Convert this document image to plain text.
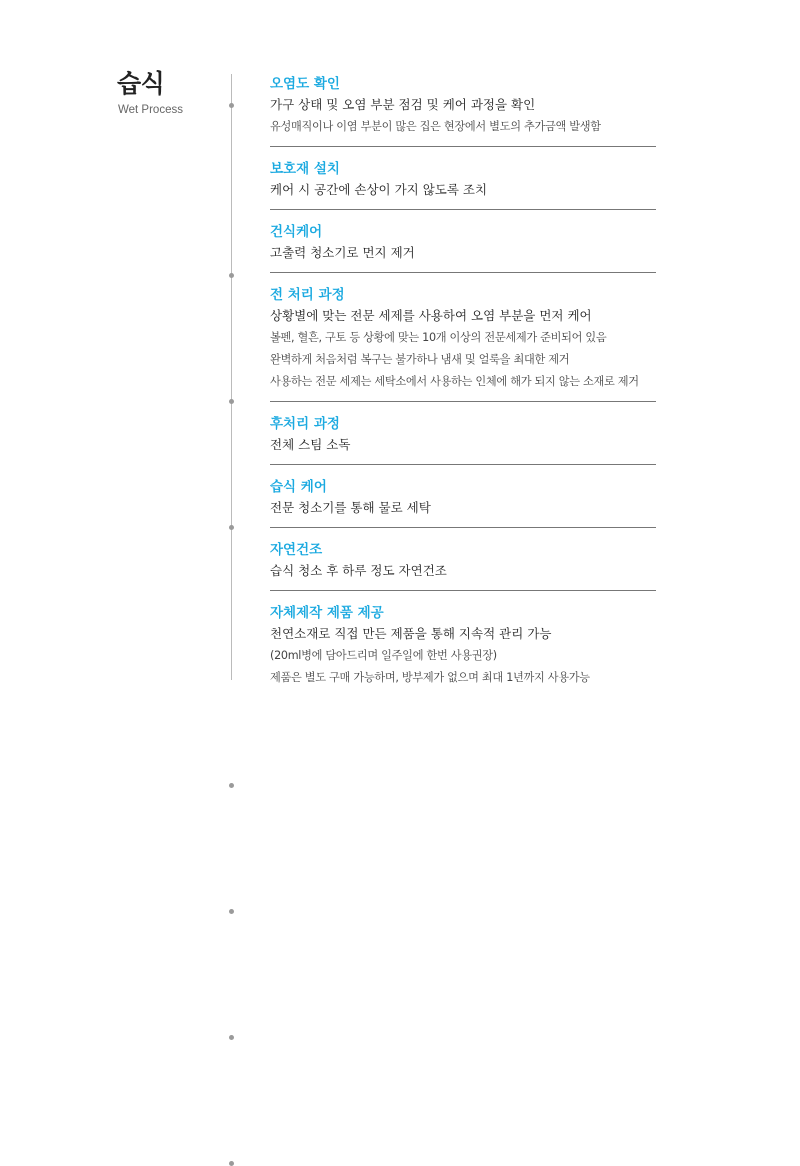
습식
Wet Process
오염도 확인
가구 상태 및 오염 부분 점검 및 케어 과정을 확인
유성매직이나 이염 부분이 많은 집은 현장에서 별도의 추가금액 발생함
보호재 설치
케어 시 공간에 손상이 가지 않도록 조치
건식케어
고출력 청소기로 먼지 제거
전 처리 과정
상황별에 맞는 전문 세제를 사용하여 오염 부분을 먼저 케어
볼펜, 혈흔, 구토 등 상황에 맞는 10개 이상의 전문세제가 준비되어 있음
완벽하게 처음처럼 복구는 불가하나 냄새 및 얼룩을 최대한 제거
사용하는 전문 세제는 세탁소에서 사용하는 인체에 해가 되지 않는 소재로 제거
후처리 과정
전체 스팀 소독
습식 케어
전문 청소기를 통해 물로 세탁
자연건조
습식 청소 후 하루 정도 자연건조
자체제작 제품 제공
천연소재로 직접 만든 제품을 통해 지속적 관리 가능
(20ml병에 담아드리며 일주일에 한번 사용권장)
제품은 별도 구매 가능하며, 방부제가 없으며 최대 1년까지 사용가능
